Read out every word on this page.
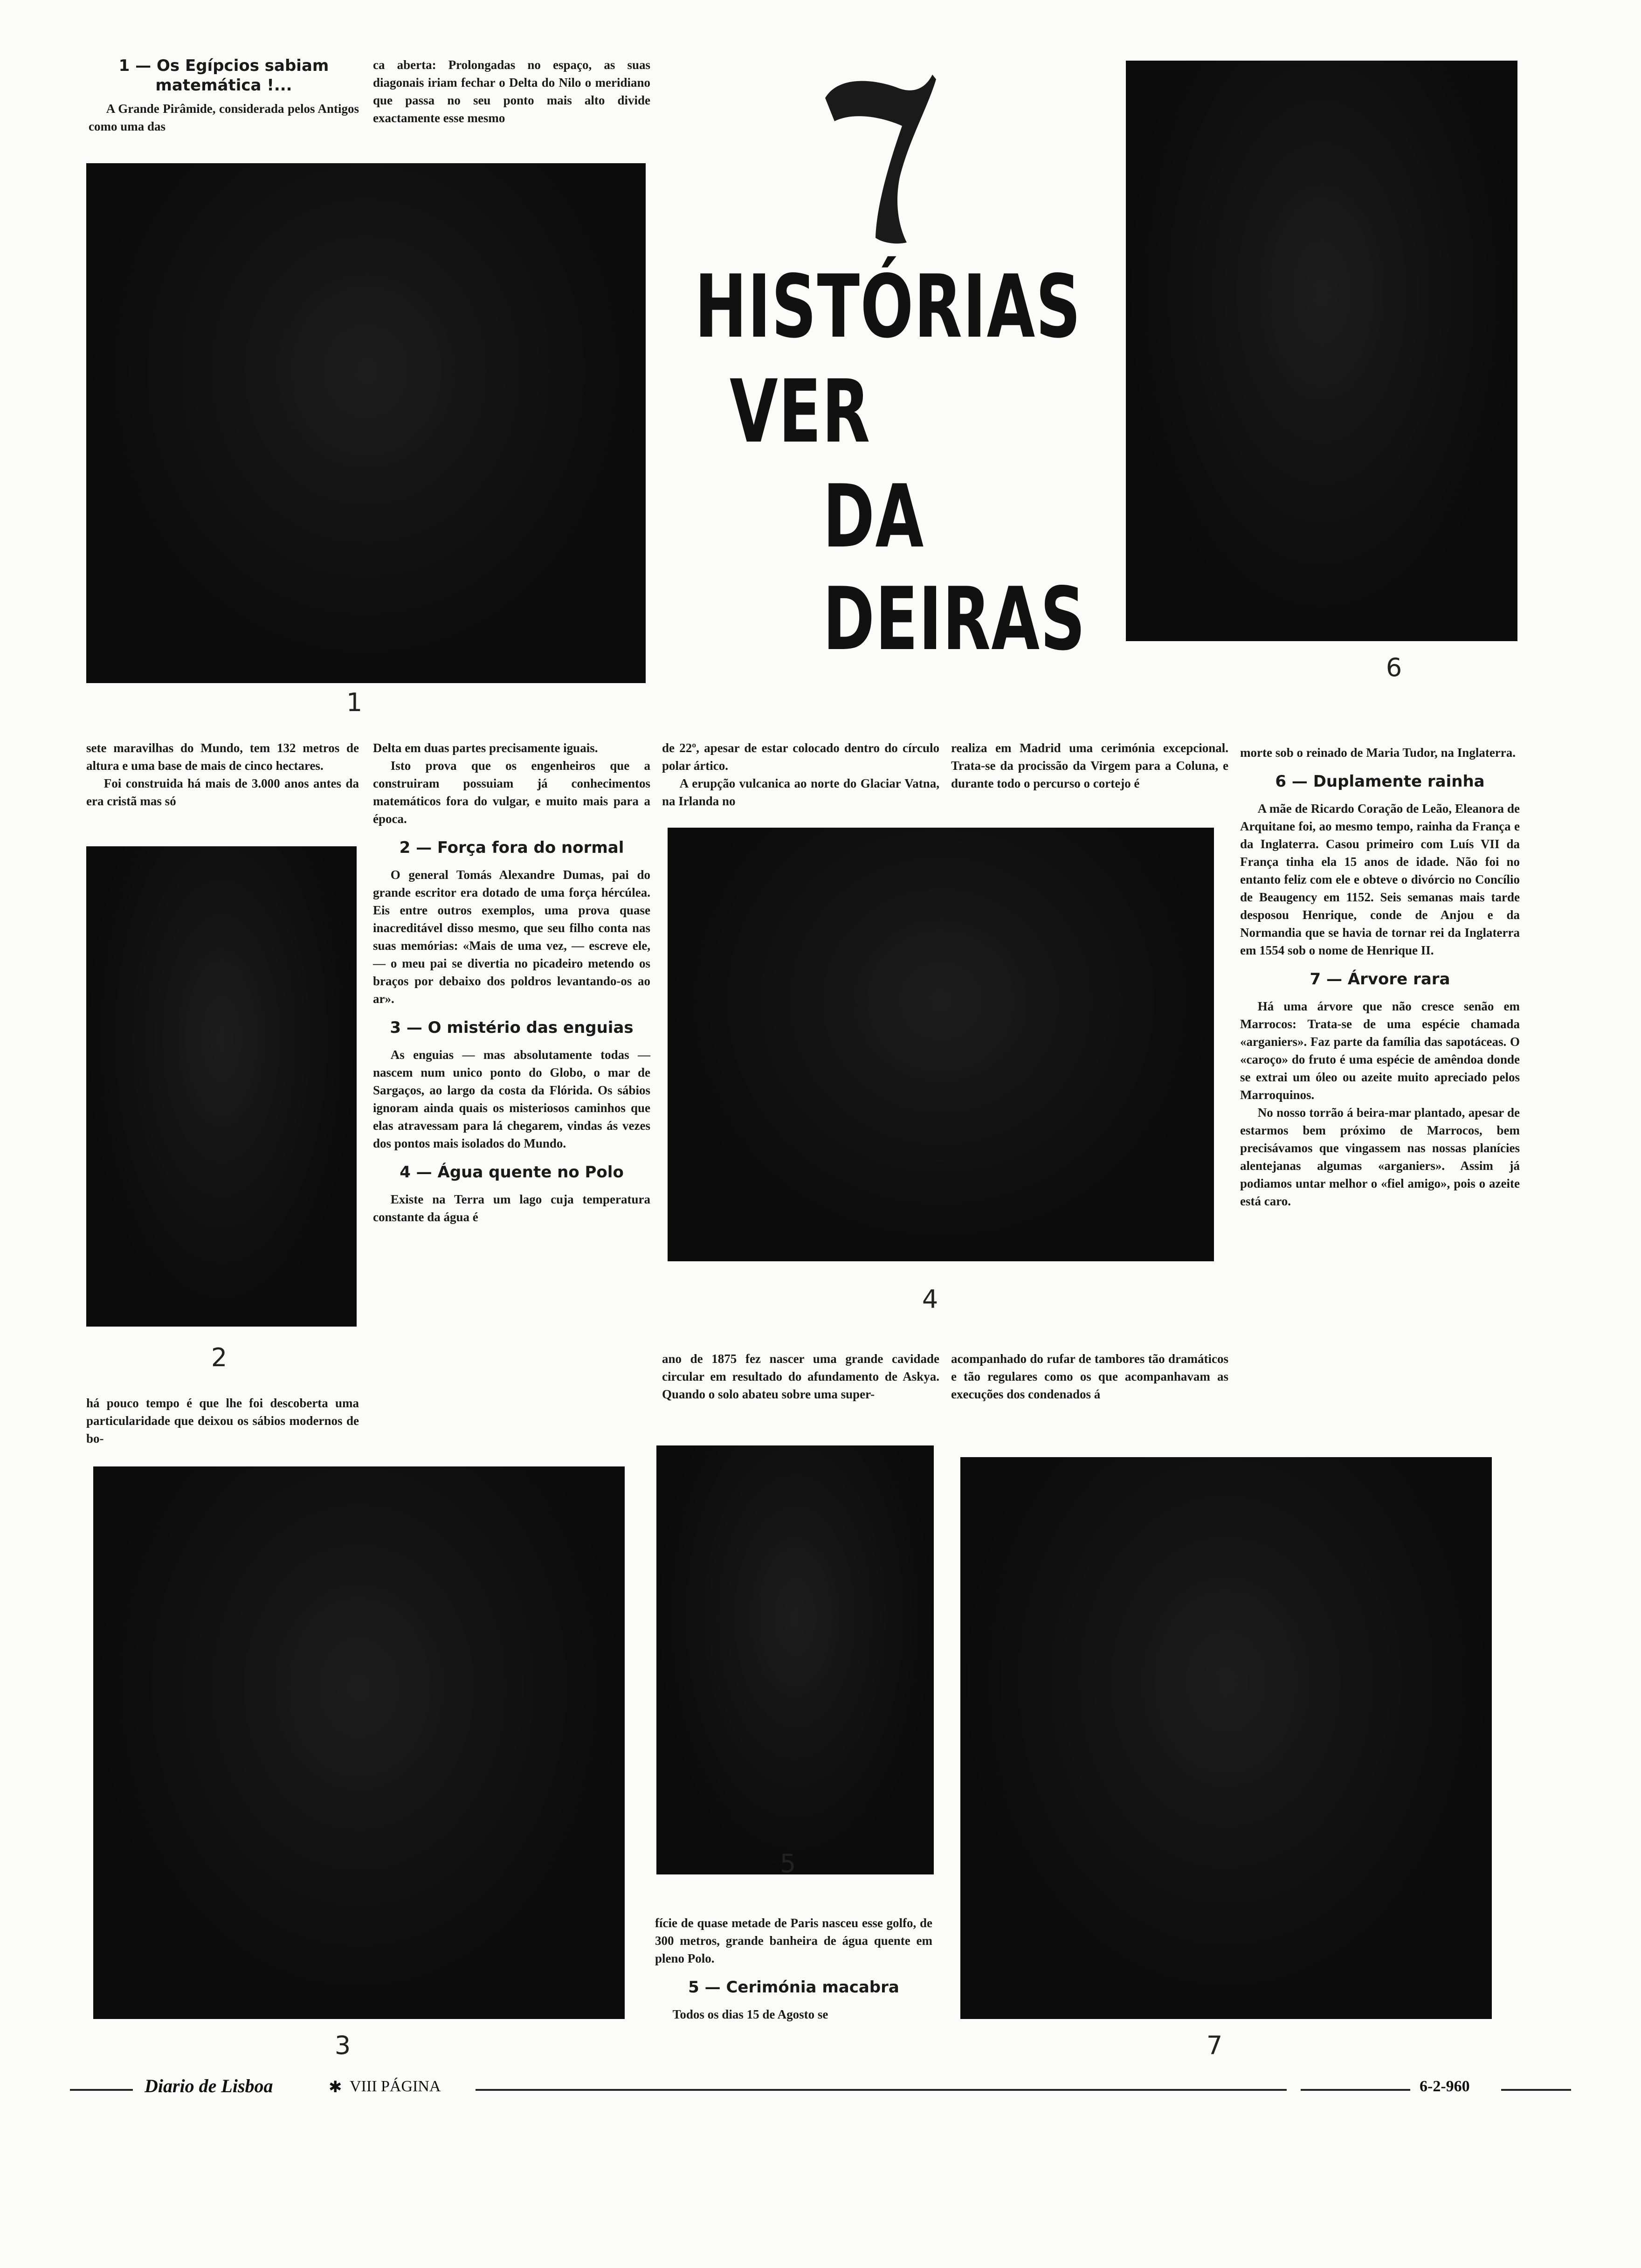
1 — Os Egípcios sabiam
matemática !...

A Grande Pirâmide, considerada pelos Antigos como uma das

ca aberta: Prolongadas no espaço, as suas diagonais iriam fechar o Delta do Nilo o meridiano que passa no seu ponto mais alto divide exactamente esse mesmo

1
7
HISTÓRIAS
VER
DA
DEIRAS	6

sete maravilhas do Mundo, tem 132 metros de altura e uma base de mais de cinco hectares.

Foi construida há mais de 3.000 anos antes da era cristã mas só

2

há pouco tempo é que lhe foi descoberta uma particularidade que deixou os sábios modernos de bo-

Delta em duas partes precisamente iguais.

Isto prova que os engenheiros que a construiram possuiam já conhecimentos matemáticos fora do vulgar, e muito mais para a época.

2 — Força fora do normal

O general Tomás Alexandre Dumas, pai do grande escritor era dotado de uma força hércúlea. Eis entre outros exemplos, uma prova quase inacreditável disso mesmo, que seu filho conta nas suas memórias: «Mais de uma vez, — escreve ele, — o meu pai se divertia no picadeiro metendo os braços por debaixo dos poldros levantando-os ao ar».

3 — O mistério das enguias

As enguias — mas absolutamente todas — nascem num unico ponto do Globo, o mar de Sargaços, ao largo da costa da Flórida. Os sábios ignoram ainda quais os misteriosos caminhos que elas atravessam para lá chegarem, vindas ás vezes dos pontos mais isolados do Mundo.

4 — Água quente no Polo

Existe na Terra um lago cuja temperatura constante da água é

de 22º, apesar de estar colocado dentro do círculo polar ártico.

A erupção vulcanica ao norte do Glaciar Vatna, na Irlanda no

realiza em Madrid uma cerimónia excepcional. Trata-se da procissão da Virgem para a Coluna, e durante todo o percurso o cortejo é

4

ano de 1875 fez nascer uma grande cavidade circular em resultado do afundamento de Askya. Quando o solo abateu sobre uma super-

acompanhado do rufar de tambores tão dramáticos e tão regulares como os que acompanhavam as execuções dos condenados á

morte sob o reinado de Maria Tudor, na Inglaterra.

6 — Duplamente rainha

A mãe de Ricardo Coração de Leão, Eleanora de Arquitane foi, ao mesmo tempo, rainha da França e da Inglaterra. Casou primeiro com Luís VII da França tinha ela 15 anos de idade. Não foi no entanto feliz com ele e obteve o divórcio no Concílio de Beaugency em 1152. Seis semanas mais tarde desposou Henrique, conde de Anjou e da Normandia que se havia de tornar rei da Inglaterra em 1554 sob o nome de Henrique II.

7 — Árvore rara

Há uma árvore que não cresce senão em Marrocos: Trata-se de uma espécie chamada «arganiers». Faz parte da família das sapotáceas. O «caroço» do fruto é uma espécie de amêndoa donde se extrai um óleo ou azeite muito apreciado pelos Marroquinos.

No nosso torrão á beira-mar plantado, apesar de estarmos bem próximo de Marrocos, bem precisávamos que vingassem nas nossas planícies alentejanas algumas «arganiers». Assim já podiamos untar melhor o «fiel amigo», pois o azeite está caro.

3
5

fície de quase metade de Paris nasceu esse golfo, de 300 metros, grande banheira de água quente em pleno Polo.

5 — Cerimónia macabra

Todos os dias 15 de Agosto se

7
Diario de Lisboa	✱ VIII PÁGINA	6-2-960
